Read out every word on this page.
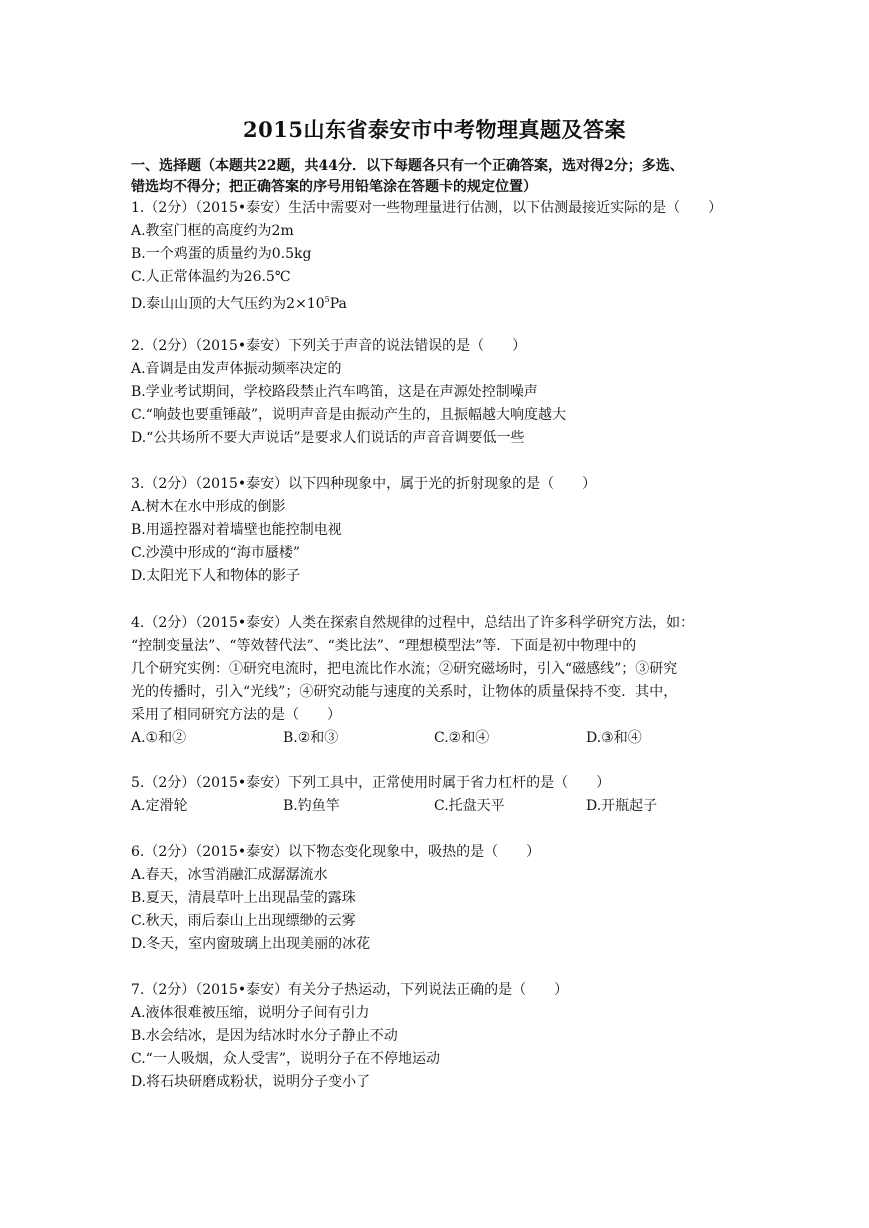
2015山东省泰安市中考物理真题及答案
一、选择题（本题共22题，共44分．以下每题各只有一个正确答案，选对得2分；多选、
错选均不得分；把正确答案的序号用铅笔涂在答题卡的规定位置）
1.（2分）（2015•泰安）生活中需要对一些物理量进行估测，以下估测最接近实际的是（　　）
A.教室门框的高度约为2m
B.一个鸡蛋的质量约为0.5kg
C.人正常体温约为26.5℃
D.泰山山顶的大气压约为$2\times 10^5Pa$
2.（2分）（2015•泰安）下列关于声音的说法错误的是（　　）
A.音调是由发声体振动频率决定的
B.学业考试期间，学校路段禁止汽车鸣笛，这是在声源处控制噪声
C.“响鼓也要重锤敲”，说明声音是由振动产生的，且振幅越大响度越大
D.“公共场所不要大声说话”是要求人们说话的声音音调要低一些
3.（2分）（2015•泰安）以下四种现象中，属于光的折射现象的是（　　）
A.树木在水中形成的倒影
B.用遥控器对着墙壁也能控制电视
C.沙漠中形成的“海市蜃楼”
D.太阳光下人和物体的影子
4.（2分）（2015•泰安）人类在探索自然规律的过程中，总结出了许多科学研究方法，如：
“控制变量法”、“等效替代法”、“类比法”、“理想模型法”等．下面是初中物理中的
几个研究实例：①研究电流时，把电流比作水流；②研究磁场时，引入“磁感线”；③研究
光的传播时，引入“光线”；④研究动能与速度的关系时，让物体的质量保持不变．其中，
采用了相同研究方法的是（　　）
A.①和②	B.②和③	C.②和④	D.③和④
5.（2分）（2015•泰安）下列工具中，正常使用时属于省力杠杆的是（　　）
A.定滑轮	B.钓鱼竿	C.托盘天平	D.开瓶起子
6.（2分）（2015•泰安）以下物态变化现象中，吸热的是（　　）
A.春天，冰雪消融汇成潺潺流水
B.夏天，清晨草叶上出现晶莹的露珠
C.秋天，雨后泰山上出现缥缈的云雾
D.冬天，室内窗玻璃上出现美丽的冰花
7.（2分）（2015•泰安）有关分子热运动，下列说法正确的是（　　）
A.液体很难被压缩，说明分子间有引力
B.水会结冰，是因为结冰时水分子静止不动
C.“一人吸烟，众人受害”，说明分子在不停地运动
D.将石块研磨成粉状，说明分子变小了
